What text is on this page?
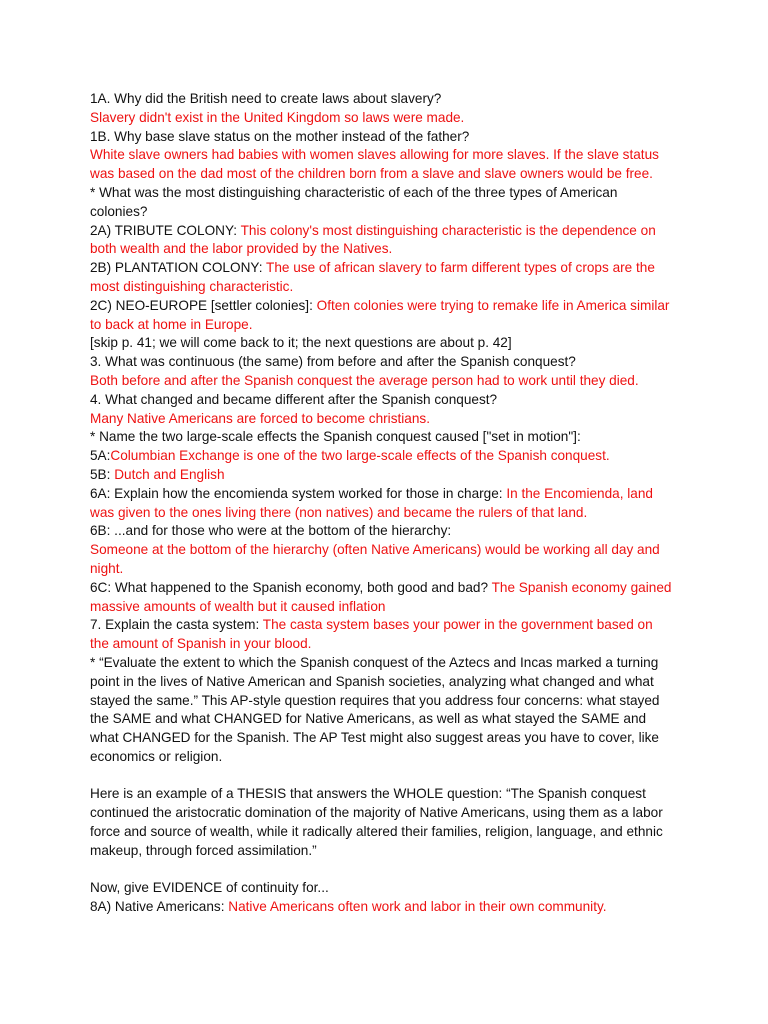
1A. Why did the British need to create laws about slavery?

Slavery didn't exist in the United Kingdom so laws were made.

1B. Why base slave status on the mother instead of the father?

White slave owners had babies with women slaves allowing for more slaves. If the slave status was based on the dad most of the children born from a slave and slave owners would be free.

* What was the most distinguishing characteristic of each of the three types of American colonies?

2A) TRIBUTE COLONY: This colony's most distinguishing characteristic is the dependence on both wealth and the labor provided by the Natives.

2B) PLANTATION COLONY: The use of african slavery to farm different types of crops are the most distinguishing characteristic.

2C) NEO-EUROPE [settler colonies]: Often colonies were trying to remake life in America similar to back at home in Europe.

[skip p. 41; we will come back to it; the next questions are about p. 42]

3. What was continuous (the same) from before and after the Spanish conquest?

Both before and after the Spanish conquest the average person had to work until they died.

4. What changed and became different after the Spanish conquest?

Many Native Americans are forced to become christians.

* Name the two large-scale effects the Spanish conquest caused ["set in motion"]:

5A:Columbian Exchange is one of the two large-scale effects of the Spanish conquest.

5B: Dutch and English

6A: Explain how the encomienda system worked for those in charge: In the Encomienda, land was given to the ones living there (non natives) and became the rulers of that land.

6B: ...and for those who were at the bottom of the hierarchy:

Someone at the bottom of the hierarchy (often Native Americans) would be working all day and night.

6C: What happened to the Spanish economy, both good and bad? The Spanish economy gained massive amounts of wealth but it caused inflation

7. Explain the casta system: The casta system bases your power in the government based on the amount of Spanish in your blood.

* “Evaluate the extent to which the Spanish conquest of the Aztecs and Incas marked a turning point in the lives of Native American and Spanish societies, analyzing what changed and what stayed the same.” This AP-style question requires that you address four concerns: what stayed the SAME and what CHANGED for Native Americans, as well as what stayed the SAME and what CHANGED for the Spanish. The AP Test might also suggest areas you have to cover, like economics or religion.

Here is an example of a THESIS that answers the WHOLE question: “The Spanish conquest continued the aristocratic domination of the majority of Native Americans, using them as a labor force and source of wealth, while it radically altered their families, religion, language, and ethnic makeup, through forced assimilation.”

Now, give EVIDENCE of continuity for...

8A) Native Americans: Native Americans often work and labor in their own community.
